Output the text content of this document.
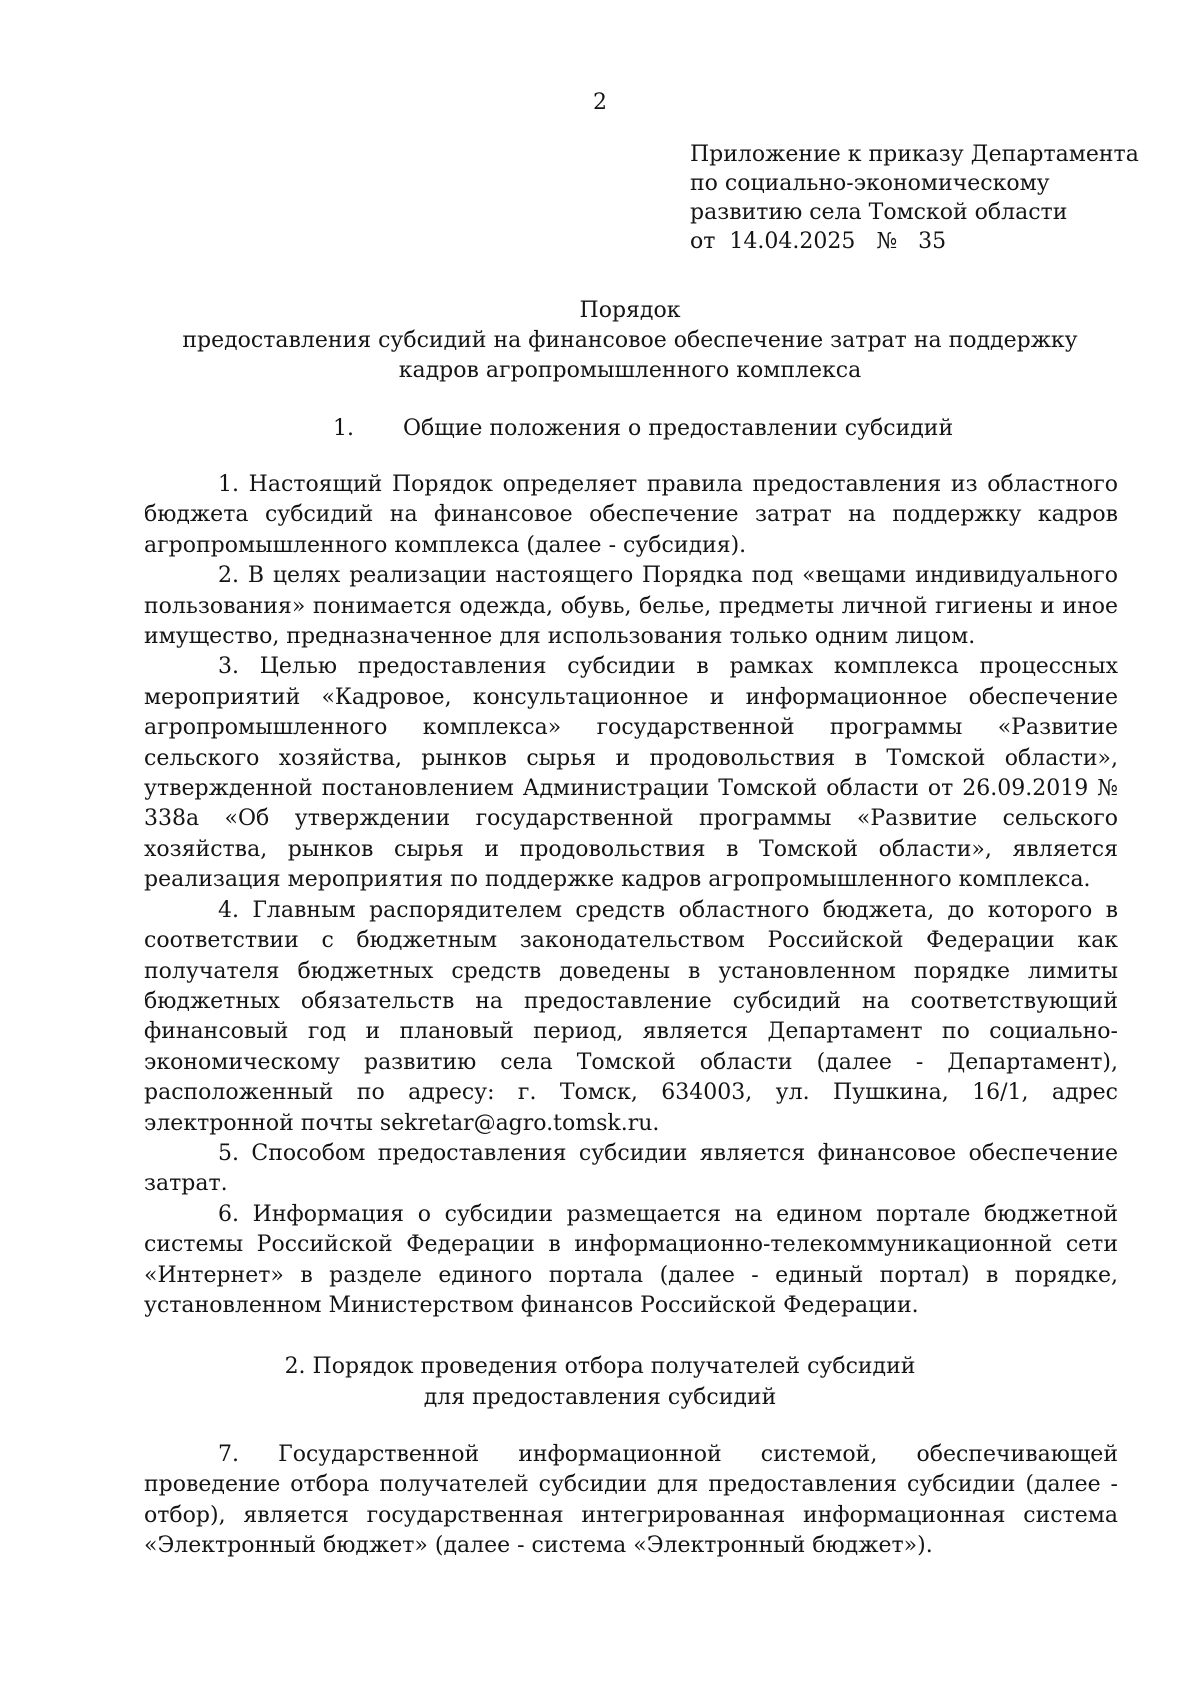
2
Приложение к приказу Департамента
по социально-экономическому
развитию села Томской области
от  14.04.2025   №   35
Порядок
предоставления субсидий на финансовое обеспечение затрат на поддержку
кадров агропромышленного комплекса
1. Общие положения о предоставлении субсидий

1. Настоящий Порядок определяет правила предоставления из областного бюджета субсидий на финансовое обеспечение затрат на поддержку кадров агропромышленного комплекса (далее - субсидия).

2. В целях реализации настоящего Порядка под «вещами индивидуального пользования» понимается одежда, обувь, белье, предметы личной гигиены и иное имущество, предназначенное для использования только одним лицом.

3. Целью предоставления субсидии в рамках комплекса процессных мероприятий «Кадровое, консультационное и информационное обеспечение агропромышленного комплекса» государственной программы «Развитие сельского хозяйства, рынков сырья и продовольствия в Томской области», утвержденной постановлением Администрации Томской области от 26.09.2019 № 338а «Об утверждении государственной программы «Развитие сельского хозяйства, рынков сырья и продовольствия в Томской области», является реализация мероприятия по поддержке кадров агропромышленного комплекса.

4. Главным распорядителем средств областного бюджета, до которого в соответствии с бюджетным законодательством Российской Федерации как получателя бюджетных средств доведены в установленном порядке лимиты бюджетных обязательств на предоставление субсидий на соответствующий финансовый год и плановый период, является Департамент по социально-экономическому развитию села Томской области (далее - Департамент), расположенный по адресу: г. Томск, 634003, ул. Пушкина, 16/1, адрес электронной почты sekretar@agro.tomsk.ru.

5. Способом предоставления субсидии является финансовое обеспечение затрат.

6. Информация о субсидии размещается на едином портале бюджетной системы Российской Федерации в информационно-телекоммуникационной сети «Интернет» в разделе единого портала (далее - единый портал) в порядке, установленном Министерством финансов Российской Федерации.

2. Порядок проведения отбора получателей субсидий
для предоставления субсидий

7. Государственной информационной системой, обеспечивающей проведение отбора получателей субсидии для предоставления субсидии (далее - отбор), является государственная интегрированная информационная система «Электронный бюджет» (далее - система «Электронный бюджет»).
